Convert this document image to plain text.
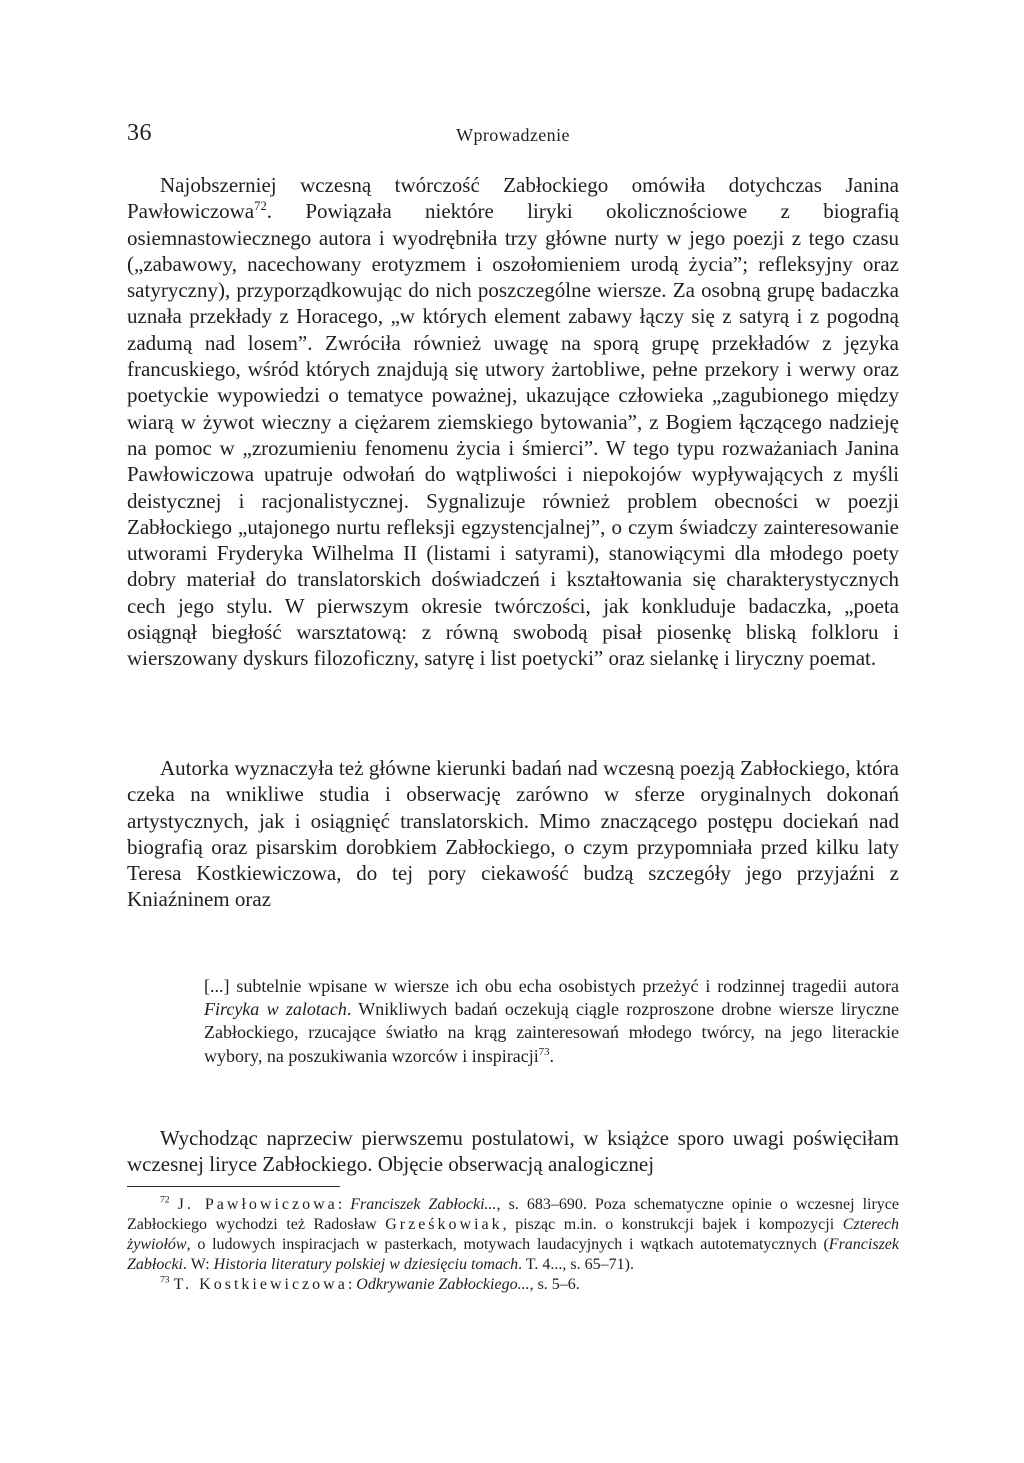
36	Wprowadzenie

Najobszerniej wczesną twórczość Zabłockiego omówiła dotychczas Janina Pawłowiczowa$^{72}$. Powiązała niektóre liryki okolicznościowe z biografią osiemnastowiecznego autora i wyodrębniła trzy główne nurty w jego poezji z tego czasu („zabawowy, nacechowany erotyzmem i oszołomieniem urodą życia”; refleksyjny oraz satyryczny), przyporządkowując do nich poszczególne wiersze. Za osobną grupę badaczka uznała przekłady z Horacego, „w których element zabawy łączy się z satyrą i z pogodną zadumą nad losem”. Zwróciła również uwagę na sporą grupę przekładów z języka francuskiego, wśród których znajdują się utwory żartobliwe, pełne przekory i werwy oraz poetyckie wypowiedzi o tematyce poważnej, ukazujące człowieka „zagubionego między wiarą w żywot wieczny a ciężarem ziemskiego bytowania”, z Bogiem łączącego nadzieję na pomoc w „zrozumieniu fenomenu życia i śmierci”. W tego typu rozważaniach Janina Pawłowiczowa upatruje odwołań do wątpliwości i niepokojów wypływających z myśli deistycznej i racjonalistycznej. Sygnalizuje również problem obecności w poezji Zabłockiego „utajonego nurtu refleksji egzystencjalnej”, o czym świadczy zainteresowanie utworami Fryderyka Wilhelma II (listami i satyrami), stanowiącymi dla młodego poety dobry materiał do translatorskich doświadczeń i kształtowania się charakterystycznych cech jego stylu. W pierwszym okresie twórczości, jak konkluduje badaczka, „poeta osiągnął biegłość warsztatową: z równą swobodą pisał piosenkę bliską folkloru i wierszowany dyskurs filozoficzny, satyrę i list poetycki” oraz sielankę i liryczny poemat.

Autorka wyznaczyła też główne kierunki badań nad wczesną poezją Zabłockiego, która czeka na wnikliwe studia i obserwację zarówno w sferze oryginalnych dokonań artystycznych, jak i osiągnięć translatorskich. Mimo znaczącego postępu dociekań nad biografią oraz pisarskim dorobkiem Zabłockiego, o czym przypomniała przed kilku laty Teresa Kostkiewiczowa, do tej pory ciekawość budzą szczegóły jego przyjaźni z Kniaźninem oraz

[...] subtelnie wpisane w wiersze ich obu echa osobistych przeżyć i rodzinnej tragedii autora Fircyka w zalotach. Wnikliwych badań oczekują ciągle rozproszone drobne wiersze liryczne Zabłockiego, rzucające światło na krąg zainteresowań młodego twórcy, na jego literackie wybory, na poszukiwania wzorców i inspiracji$^{73}$.

Wychodząc naprzeciw pierwszemu postulatowi, w książce sporo uwagi poświęciłam wczesnej liryce Zabłockiego. Objęcie obserwacją analogicznej

$^{72}$ J. Pawłowiczowa: Franciszek Zabłocki..., s. 683–690. Poza schematyczne opinie o wczesnej liryce Zabłockiego wychodzi też Radosław Grześkowiak, pisząc m.in. o konstrukcji bajek i kompozycji Czterech żywiołów, o ludowych inspiracjach w pasterkach, motywach laudacyjnych i wątkach autotematycznych (Franciszek Zabłocki. W: Historia literatury polskiej w dziesięciu tomach. T. 4..., s. 65–71).

$^{73}$ T. Kostkiewiczowa: Odkrywanie Zabłockiego..., s. 5–6.
